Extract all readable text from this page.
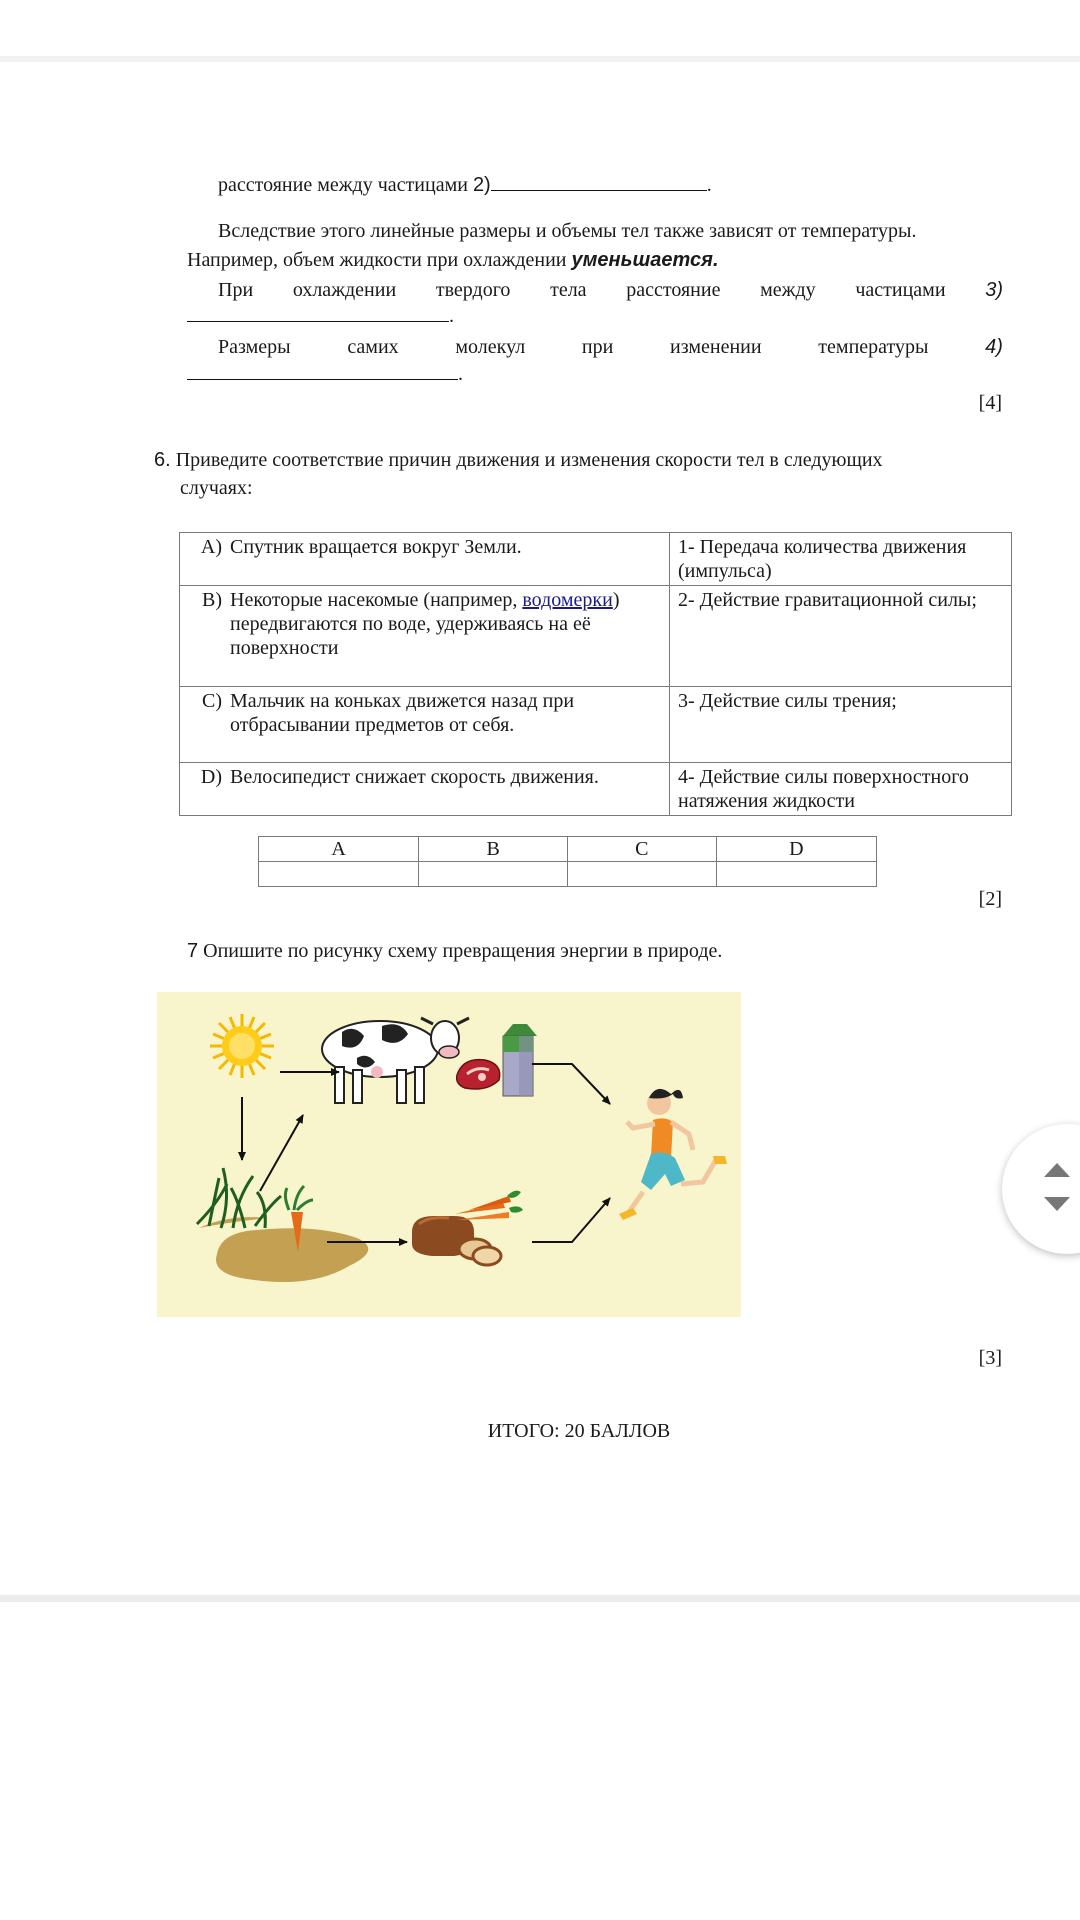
расстояние между частицами 2)	.
Вследствие этого линейные размеры и объемы тел также зависят от температуры.
Например, объем жидкости при охлаждении уменьшается.
При охлаждении твердого тела расстояние между частицами 3)
.
Размеры	самих	молекул	при	изменении	температуры	4)
.
[4]
6. Приведите соответствие причин движения и изменения скорости тел в следующих
случаях:
A) Спутник вращается вокруг Земли.	1- Передача количества движения (импульса)
B) Некоторые насекомые (например, водомерки) передвигаются по воде, удерживаясь на её поверхности	2- Действие гравитационной силы;
C) Мальчик на коньках движется назад при отбрасывании предметов от себя.	3- Действие силы трения;
D) Велосипедист снижает скорость движения.	4- Действие силы поверхностного натяжения жидкости
A	B	C	D

[2]
7 Опишите по рисунку схему превращения энергии в природе.
[3]
ИТОГО: 20 БАЛЛОВ
